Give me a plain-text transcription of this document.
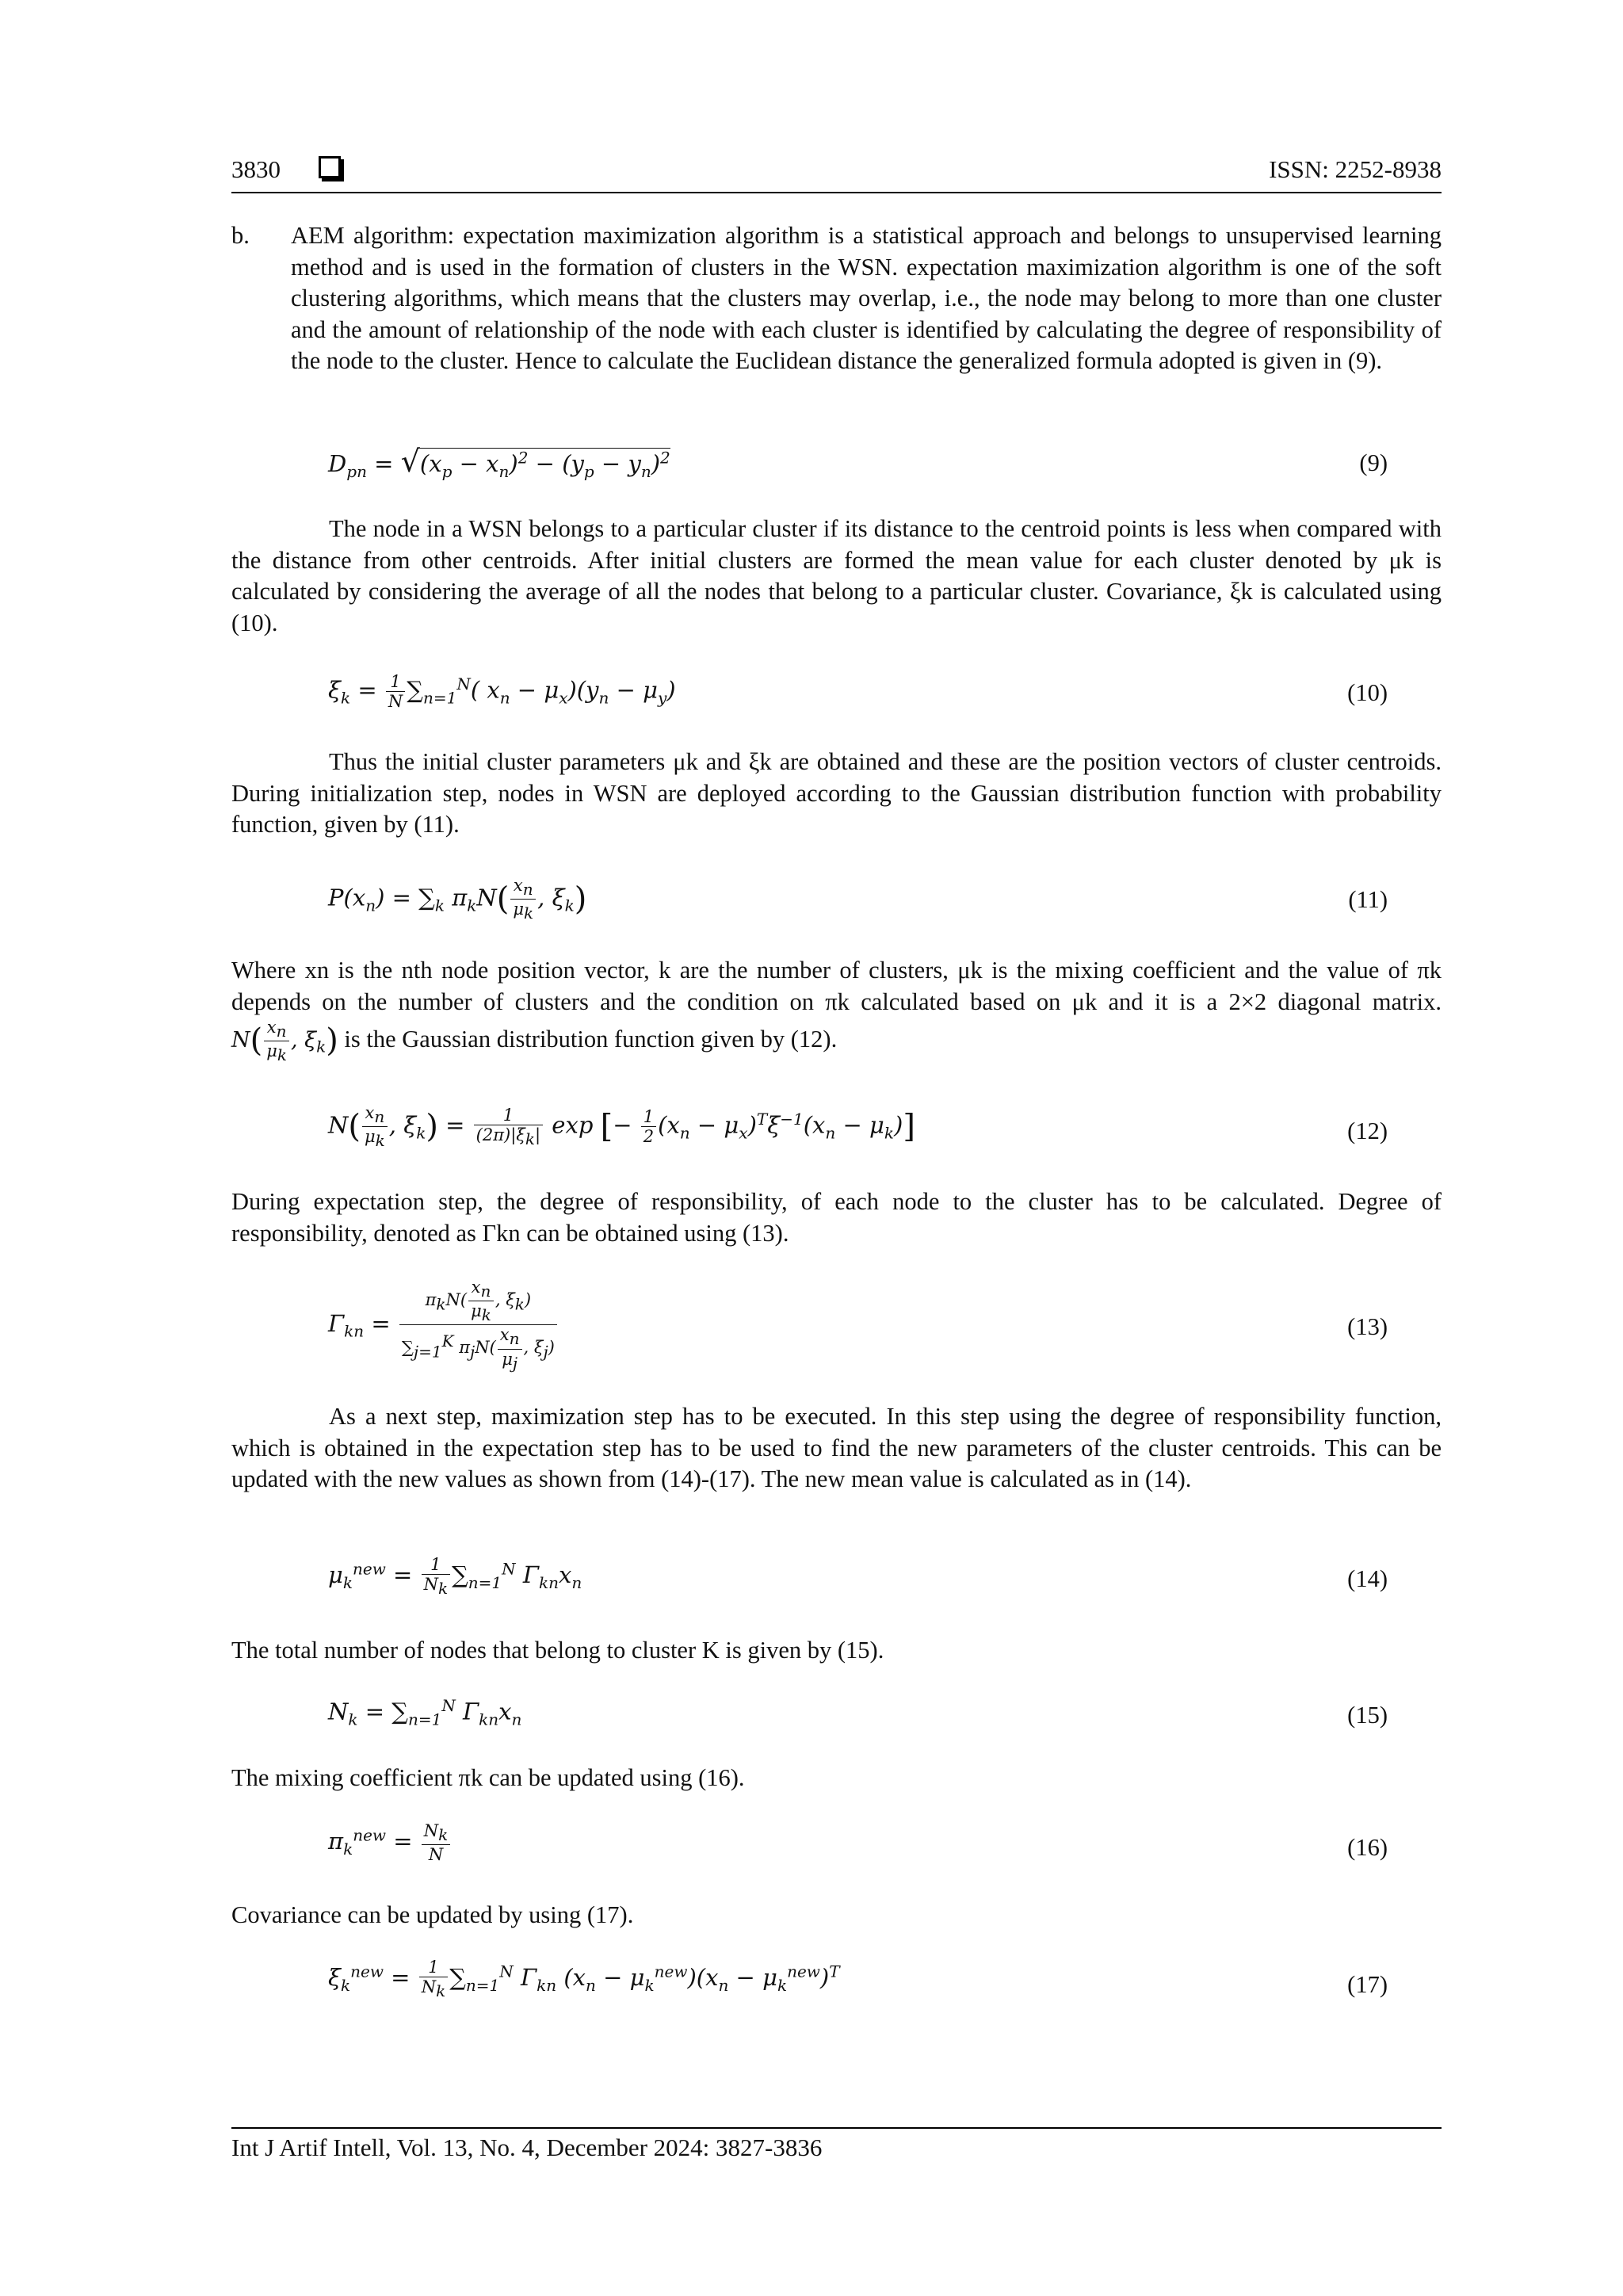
3830	ISSN: 2252-8938
b. AEM algorithm: expectation maximization algorithm is a statistical approach and belongs to unsupervised learning method and is used in the formation of clusters in the WSN. expectation maximization algorithm is one of the soft clustering algorithms, which means that the clusters may overlap, i.e., the node may belong to more than one cluster and the amount of relationship of the node with each cluster is identified by calculating the degree of responsibility of the node to the cluster. Hence to calculate the Euclidean distance the generalized formula adopted is given in (9).
$D_{pn} = √(x_p - x_n)^2 - (y_p - y_n)^2$	(9)

The node in a WSN belongs to a particular cluster if its distance to the centroid points is less when compared with the distance from other centroids. After initial clusters are formed the mean value for each cluster denoted by μk is calculated by considering the average of all the nodes that belong to a particular cluster. Covariance, ξk is calculated using (10).

$\xi_k = \frac{1}{N} \sum_{n=1}^N$( $x_n - \mu_x)(y_n - \mu_y)$	(10)

Thus the initial cluster parameters μk and ξk are obtained and these are the position vectors of cluster centroids. During initialization step, nodes in WSN are deployed according to the Gaussian distribution function with probability function, given by (11).

$P(x_n) = \sum_k$ $\pi_kN( \frac{x_n}{\mu_k}$ , $\xi_k$)	(11)

Where xn is the nth node position vector, k are the number of clusters, μk is the mixing coefficient and the value of πk depends on the number of clusters and the condition on πk calculated based on μk and it is a 2×2 diagonal matrix. $N( \frac{x_n}{\mu_k}$ , $\xi_k$) is the Gaussian distribution function given by (12).

$N( \frac{x_n}{\mu_k}$ , $\xi_k) = \frac{1}{(2\pi)|\xi_k|}$ exp [− $\frac{1}{2} (x_n - \mu_x)^T\xi^{-1}(x_n - \mu_k)$]	(12)

During expectation step, the degree of responsibility, of each node to the cluster has to be calculated. Degree of responsibility, denoted as Γkn can be obtained using (13).

$\Gamma_{kn} = \frac{\pi_kN( \frac{x_n}{\mu_k} , \xi_k)}{\sum_{j=1}^K \pi_jN( \frac{x_n}{\mu_j} , \xi_j)}$	(13)

As a next step, maximization step has to be executed. In this step using the degree of responsibility function, which is obtained in the expectation step has to be used to find the new parameters of the cluster centroids. This can be updated with the new values as shown from (14)-(17). The new mean value is calculated as in (14).

$\mu_k^{new} = \frac{1}{N_k} \sum_{n=1}^N$ $\Gamma_{kn}x_n$	(14)

The total number of nodes that belong to cluster K is given by (15).

$N_k = \sum_{n=1}^N$ $\Gamma_{kn}x_n$	(15)

The mixing coefficient πk can be updated using (16).

$\pi_k^{new} = \frac{N_k}{N}$	(16)

Covariance can be updated by using (17).

$\xi_k^{new} = \frac{1}{N_k} \sum_{n=1}^N$ $\Gamma_{kn}$ $(x_n - \mu_k^{new})(x_n - \mu_k^{new})^T$	(17)
Int J Artif Intell, Vol. 13, No. 4, December 2024: 3827-3836
